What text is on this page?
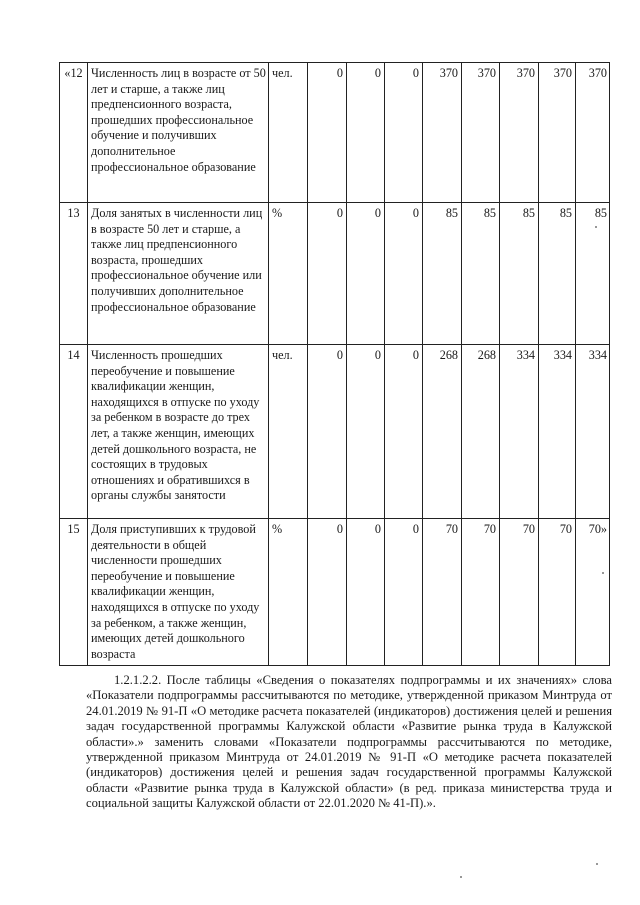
«12	Численность лиц в возрасте от 50 лет и старше, а также лиц предпенсионного возраста, прошедших профессиональное обучение и получивших дополнительное профессиональное образование	чел.	0	0	0	370	370	370	370	370
13	Доля занятых в численности лиц в возрасте 50 лет и старше, а также лиц предпенсионного возраста, прошедших профессиональное обучение или получивших дополнительное профессиональное образование	%	0	0	0	85	85	85	85	85
14	Численность прошедших переобучение и повышение квалификации женщин, находящихся в отпуске по уходу за ребенком в возрасте до трех лет, а также женщин, имеющих детей дошкольного возраста, не состоящих в трудовых отношениях и обратившихся в органы службы занятости	чел.	0	0	0	268	268	334	334	334
15	Доля приступивших к трудовой деятельности в общей численности прошедших переобучение и повышение квалификации женщин, находящихся в отпуске по уходу за ребенком, а также женщин, имеющих детей дошкольного возраста	%	0	0	0	70	70	70	70	70»

1.2.1.2.2. После таблицы «Сведения о показателях подпрограммы и их значениях» слова «Показатели подпрограммы рассчитываются по методике, утвержденной приказом Минтруда от 24.01.2019 № 91-П «О методике расчета показателей (индикаторов) достижения целей и решения задач государственной программы Калужской области «Развитие рынка труда в Калужской области».» заменить словами «Показатели подпрограммы рассчитываются по методике, утвержденной приказом Минтруда от 24.01.2019 № 91-П «О методике расчета показателей (индикаторов) достижения целей и решения задач государственной программы Калужской области «Развитие рынка труда в Калужской области» (в ред. приказа министерства труда и социальной защиты Калужской области от 22.01.2020 № 41-П).».
